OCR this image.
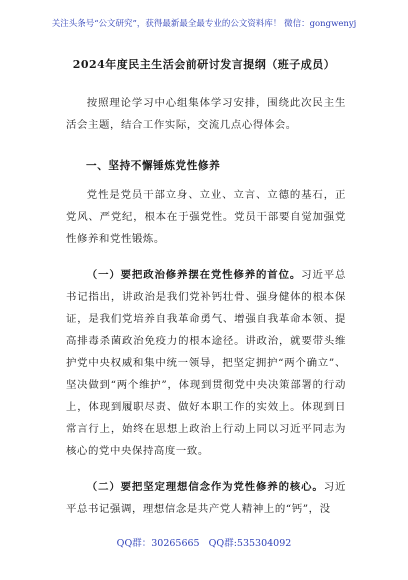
关注头条号“公文研究”，获得最新最全最专业的公文资料库！ 微信：gongwenyj
2024年度民主生活会前研讨发言提纲（班子成员）

按照理论学习中心组集体学习安排，围绕此次民主生活会主题，结合工作实际，交流几点心得体会。

一、坚持不懈锤炼党性修养

党性是党员干部立身、立业、立言、立德的基石，正党风、严党纪，根本在于强党性。党员干部要自觉加强党性修养和党性锻炼。

（一）要把政治修养摆在党性修养的首位。习近平总书记指出，讲政治是我们党补钙壮骨、强身健体的根本保证，是我们党培养自我革命勇气、增强自我革命本领、提高排毒杀菌政治免疫力的根本途径。讲政治，就要带头维护党中央权威和集中统一领导，把坚定拥护“两个确立”、坚决做到“两个维护”，体现到贯彻党中央决策部署的行动上，体现到履职尽责、做好本职工作的实效上。体现到日常言行上，始终在思想上政治上行动上同以习近平同志为核心的党中央保持高度一致。

（二）要把坚定理想信念作为党性修养的核心。习近平总书记强调，理想信念是共产党人精神上的“钙”，没

QQ群：30265665 QQ群:535304092
